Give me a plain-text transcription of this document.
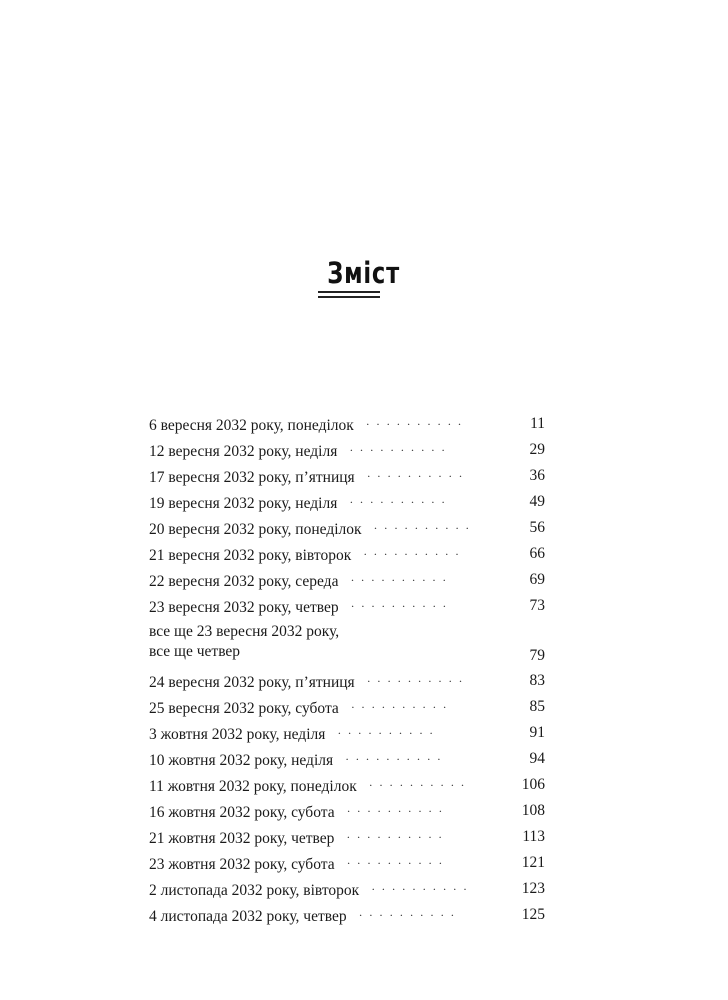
Зміст
6 вересня 2032 року, понеділок · · · · · · · · · ·	11
12 вересня 2032 року, неділя · · · · · · · · · ·	29
17 вересня 2032 року, п’ятниця · · · · · · · · · ·	36
19 вересня 2032 року, неділя · · · · · · · · · ·	49
20 вересня 2032 року, понеділок · · · · · · · · · ·	56
21 вересня 2032 року, вівторок · · · · · · · · · ·	66
22 вересня 2032 року, середа · · · · · · · · · ·	69
23 вересня 2032 року, четвер · · · · · · · · · ·	73
все ще 23 вересня 2032 року,
все ще четвер	79
24 вересня 2032 року, п’ятниця · · · · · · · · · ·	83
25 вересня 2032 року, субота · · · · · · · · · ·	85
3 жовтня 2032 року, неділя · · · · · · · · · ·	91
10 жовтня 2032 року, неділя · · · · · · · · · ·	94
11 жовтня 2032 року, понеділок · · · · · · · · · ·	106
16 жовтня 2032 року, субота · · · · · · · · · ·	108
21 жовтня 2032 року, четвер · · · · · · · · · ·	113
23 жовтня 2032 року, субота · · · · · · · · · ·	121
2 листопада 2032 року, вівторок · · · · · · · · · ·	123
4 листопада 2032 року, четвер · · · · · · · · · ·	125
